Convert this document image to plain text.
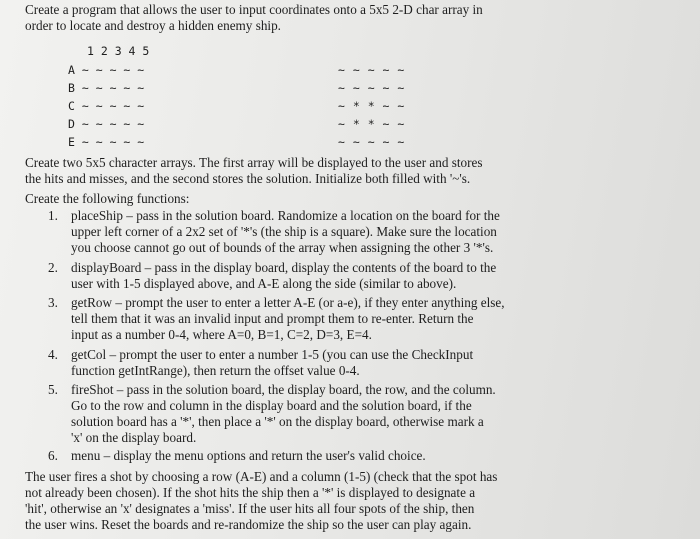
Create a program that allows the user to input coordinates onto a 5x5 2-D char array in
order to locate and destroy a hidden enemy ship.
1 2 3 4 5
A ~ ~ ~ ~ ~
B ~ ~ ~ ~ ~
C ~ ~ ~ ~ ~
D ~ ~ ~ ~ ~
E ~ ~ ~ ~ ~
~ ~ ~ ~ ~
~ ~ ~ ~ ~
~ * * ~ ~
~ * * ~ ~
~ ~ ~ ~ ~
Create two 5x5 character arrays. The first array will be displayed to the user and stores
the hits and misses, and the second stores the solution. Initialize both filled with '~'s.
Create the following functions:
1. placeShip – pass in the solution board. Randomize a location on the board for the
upper left corner of a 2x2 set of '*'s (the ship is a square). Make sure the location
you choose cannot go out of bounds of the array when assigning the other 3 '*'s.
2. displayBoard – pass in the display board, display the contents of the board to the
user with 1-5 displayed above, and A-E along the side (similar to above).
3. getRow – prompt the user to enter a letter A-E (or a-e), if they enter anything else,
tell them that it was an invalid input and prompt them to re-enter. Return the
input as a number 0-4, where A=0, B=1, C=2, D=3, E=4.
4. getCol – prompt the user to enter a number 1-5 (you can use the CheckInput
function getIntRange), then return the offset value 0-4.
5. fireShot – pass in the solution board, the display board, the row, and the column.
Go to the row and column in the display board and the solution board, if the
solution board has a '*', then place a '*' on the display board, otherwise mark a
'x' on the display board.
6. menu – display the menu options and return the user's valid choice.
The user fires a shot by choosing a row (A-E) and a column (1-5) (check that the spot has
not already been chosen). If the shot hits the ship then a '*' is displayed to designate a
'hit', otherwise an 'x' designates a 'miss'. If the user hits all four spots of the ship, then
the user wins. Reset the boards and re-randomize the ship so the user can play again.
